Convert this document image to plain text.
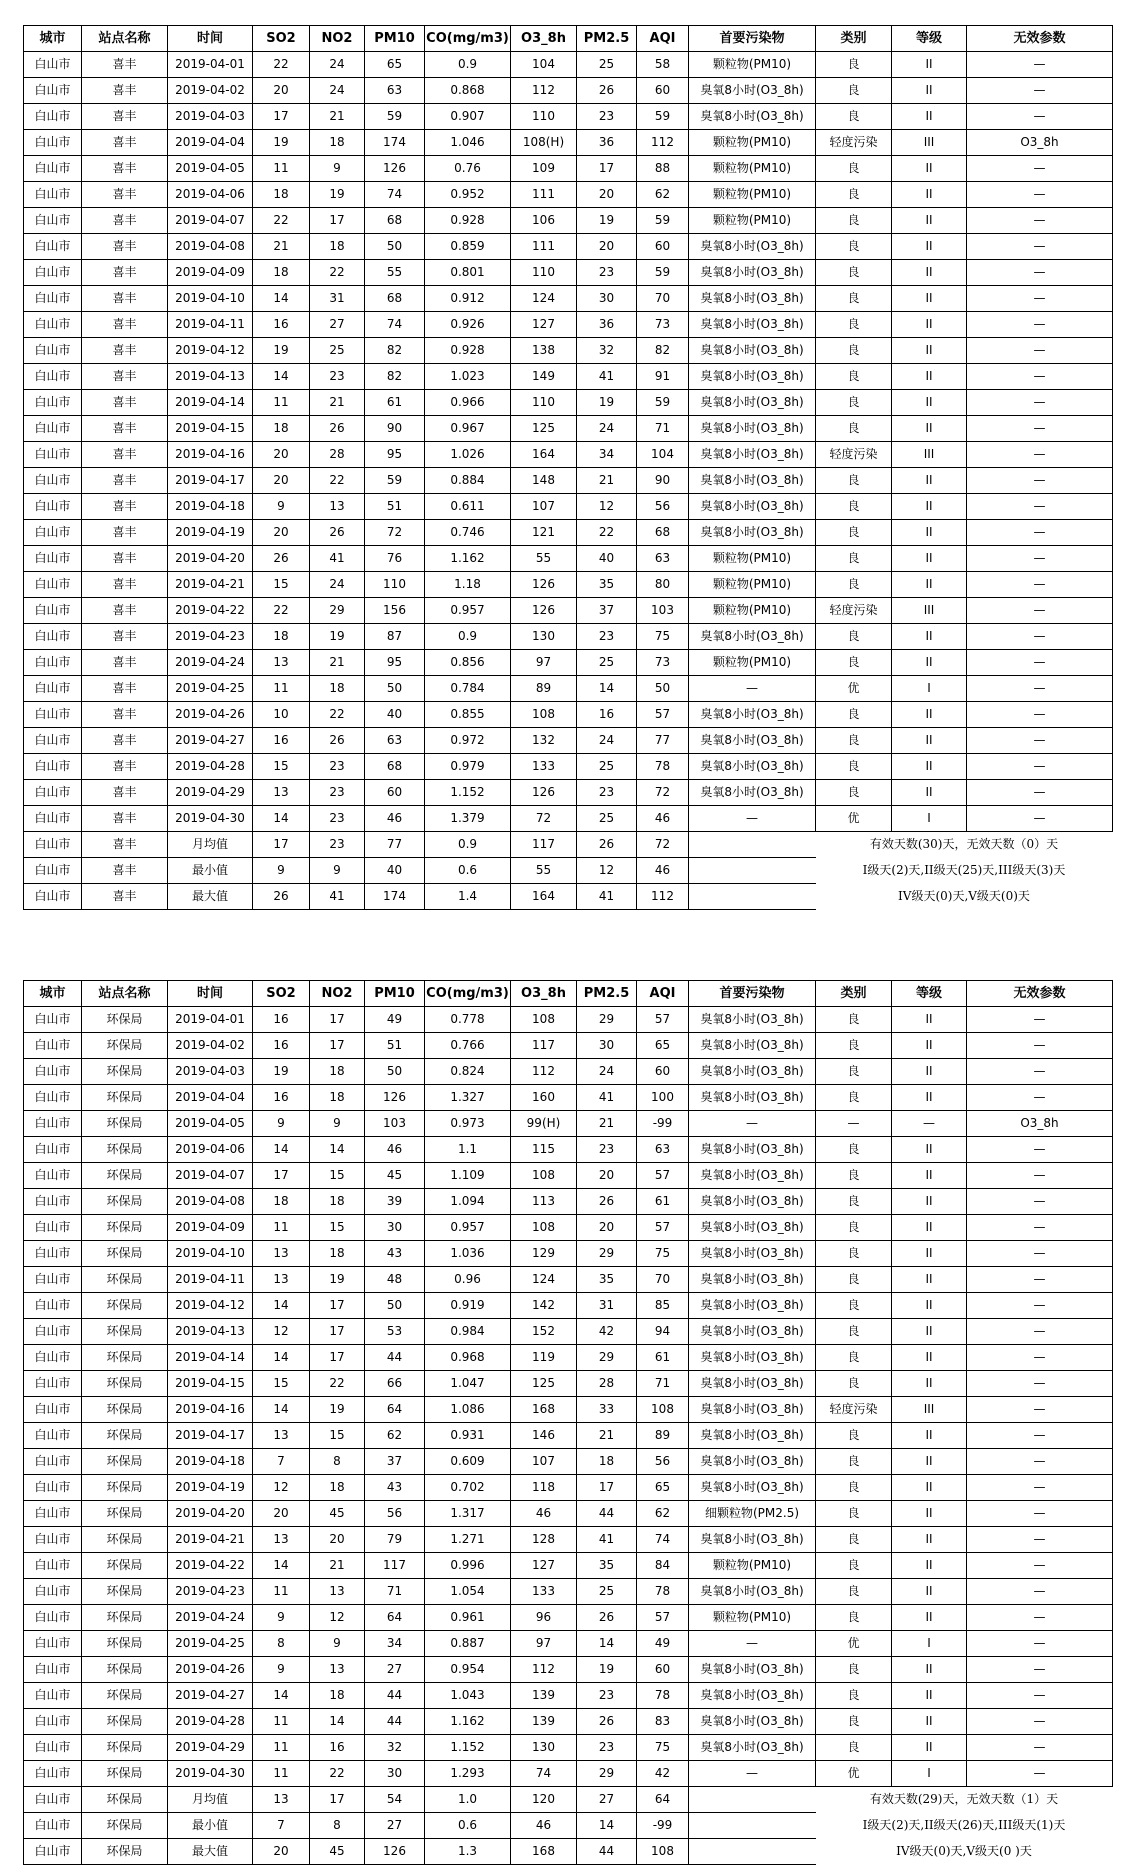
城市	站点名称	时间	SO2	NO2	PM10	CO(mg/m3)	O3_8h	PM2.5	AQI	首要污染物	类别	等级	无效参数
白山市	喜丰	2019-04-01	22	24	65	0.9	104	25	58	颗粒物(PM10)	良	II	—
白山市	喜丰	2019-04-02	20	24	63	0.868	112	26	60	臭氧8小时(O3_8h)	良	II	—
白山市	喜丰	2019-04-03	17	21	59	0.907	110	23	59	臭氧8小时(O3_8h)	良	II	—
白山市	喜丰	2019-04-04	19	18	174	1.046	108(H)	36	112	颗粒物(PM10)	轻度污染	III	O3_8h
白山市	喜丰	2019-04-05	11	9	126	0.76	109	17	88	颗粒物(PM10)	良	II	—
白山市	喜丰	2019-04-06	18	19	74	0.952	111	20	62	颗粒物(PM10)	良	II	—
白山市	喜丰	2019-04-07	22	17	68	0.928	106	19	59	颗粒物(PM10)	良	II	—
白山市	喜丰	2019-04-08	21	18	50	0.859	111	20	60	臭氧8小时(O3_8h)	良	II	—
白山市	喜丰	2019-04-09	18	22	55	0.801	110	23	59	臭氧8小时(O3_8h)	良	II	—
白山市	喜丰	2019-04-10	14	31	68	0.912	124	30	70	臭氧8小时(O3_8h)	良	II	—
白山市	喜丰	2019-04-11	16	27	74	0.926	127	36	73	臭氧8小时(O3_8h)	良	II	—
白山市	喜丰	2019-04-12	19	25	82	0.928	138	32	82	臭氧8小时(O3_8h)	良	II	—
白山市	喜丰	2019-04-13	14	23	82	1.023	149	41	91	臭氧8小时(O3_8h)	良	II	—
白山市	喜丰	2019-04-14	11	21	61	0.966	110	19	59	臭氧8小时(O3_8h)	良	II	—
白山市	喜丰	2019-04-15	18	26	90	0.967	125	24	71	臭氧8小时(O3_8h)	良	II	—
白山市	喜丰	2019-04-16	20	28	95	1.026	164	34	104	臭氧8小时(O3_8h)	轻度污染	III	—
白山市	喜丰	2019-04-17	20	22	59	0.884	148	21	90	臭氧8小时(O3_8h)	良	II	—
白山市	喜丰	2019-04-18	9	13	51	0.611	107	12	56	臭氧8小时(O3_8h)	良	II	—
白山市	喜丰	2019-04-19	20	26	72	0.746	121	22	68	臭氧8小时(O3_8h)	良	II	—
白山市	喜丰	2019-04-20	26	41	76	1.162	55	40	63	颗粒物(PM10)	良	II	—
白山市	喜丰	2019-04-21	15	24	110	1.18	126	35	80	颗粒物(PM10)	良	II	—
白山市	喜丰	2019-04-22	22	29	156	0.957	126	37	103	颗粒物(PM10)	轻度污染	III	—
白山市	喜丰	2019-04-23	18	19	87	0.9	130	23	75	臭氧8小时(O3_8h)	良	II	—
白山市	喜丰	2019-04-24	13	21	95	0.856	97	25	73	颗粒物(PM10)	良	II	—
白山市	喜丰	2019-04-25	11	18	50	0.784	89	14	50	—	优	I	—
白山市	喜丰	2019-04-26	10	22	40	0.855	108	16	57	臭氧8小时(O3_8h)	良	II	—
白山市	喜丰	2019-04-27	16	26	63	0.972	132	24	77	臭氧8小时(O3_8h)	良	II	—
白山市	喜丰	2019-04-28	15	23	68	0.979	133	25	78	臭氧8小时(O3_8h)	良	II	—
白山市	喜丰	2019-04-29	13	23	60	1.152	126	23	72	臭氧8小时(O3_8h)	良	II	—
白山市	喜丰	2019-04-30	14	23	46	1.379	72	25	46	—	优	I	—
白山市	喜丰	月均值	17	23	77	0.9	117	26	72		有效天数(30)天，无效天数（0）天		
白山市	喜丰	最小值	9	9	40	0.6	55	12	46		I级天(2)天,II级天(25)天,III级天(3)天		
白山市	喜丰	最大值	26	41	174	1.4	164	41	112		IV级天(0)天,V级天(0)天		
城市	站点名称	时间	SO2	NO2	PM10	CO(mg/m3)	O3_8h	PM2.5	AQI	首要污染物	类别	等级	无效参数
白山市	环保局	2019-04-01	16	17	49	0.778	108	29	57	臭氧8小时(O3_8h)	良	II	—
白山市	环保局	2019-04-02	16	17	51	0.766	117	30	65	臭氧8小时(O3_8h)	良	II	—
白山市	环保局	2019-04-03	19	18	50	0.824	112	24	60	臭氧8小时(O3_8h)	良	II	—
白山市	环保局	2019-04-04	16	18	126	1.327	160	41	100	臭氧8小时(O3_8h)	良	II	—
白山市	环保局	2019-04-05	9	9	103	0.973	99(H)	21	-99	—	—	—	O3_8h
白山市	环保局	2019-04-06	14	14	46	1.1	115	23	63	臭氧8小时(O3_8h)	良	II	—
白山市	环保局	2019-04-07	17	15	45	1.109	108	20	57	臭氧8小时(O3_8h)	良	II	—
白山市	环保局	2019-04-08	18	18	39	1.094	113	26	61	臭氧8小时(O3_8h)	良	II	—
白山市	环保局	2019-04-09	11	15	30	0.957	108	20	57	臭氧8小时(O3_8h)	良	II	—
白山市	环保局	2019-04-10	13	18	43	1.036	129	29	75	臭氧8小时(O3_8h)	良	II	—
白山市	环保局	2019-04-11	13	19	48	0.96	124	35	70	臭氧8小时(O3_8h)	良	II	—
白山市	环保局	2019-04-12	14	17	50	0.919	142	31	85	臭氧8小时(O3_8h)	良	II	—
白山市	环保局	2019-04-13	12	17	53	0.984	152	42	94	臭氧8小时(O3_8h)	良	II	—
白山市	环保局	2019-04-14	14	17	44	0.968	119	29	61	臭氧8小时(O3_8h)	良	II	—
白山市	环保局	2019-04-15	15	22	66	1.047	125	28	71	臭氧8小时(O3_8h)	良	II	—
白山市	环保局	2019-04-16	14	19	64	1.086	168	33	108	臭氧8小时(O3_8h)	轻度污染	III	—
白山市	环保局	2019-04-17	13	15	62	0.931	146	21	89	臭氧8小时(O3_8h)	良	II	—
白山市	环保局	2019-04-18	7	8	37	0.609	107	18	56	臭氧8小时(O3_8h)	良	II	—
白山市	环保局	2019-04-19	12	18	43	0.702	118	17	65	臭氧8小时(O3_8h)	良	II	—
白山市	环保局	2019-04-20	20	45	56	1.317	46	44	62	细颗粒物(PM2.5)	良	II	—
白山市	环保局	2019-04-21	13	20	79	1.271	128	41	74	臭氧8小时(O3_8h)	良	II	—
白山市	环保局	2019-04-22	14	21	117	0.996	127	35	84	颗粒物(PM10)	良	II	—
白山市	环保局	2019-04-23	11	13	71	1.054	133	25	78	臭氧8小时(O3_8h)	良	II	—
白山市	环保局	2019-04-24	9	12	64	0.961	96	26	57	颗粒物(PM10)	良	II	—
白山市	环保局	2019-04-25	8	9	34	0.887	97	14	49	—	优	I	—
白山市	环保局	2019-04-26	9	13	27	0.954	112	19	60	臭氧8小时(O3_8h)	良	II	—
白山市	环保局	2019-04-27	14	18	44	1.043	139	23	78	臭氧8小时(O3_8h)	良	II	—
白山市	环保局	2019-04-28	11	14	44	1.162	139	26	83	臭氧8小时(O3_8h)	良	II	—
白山市	环保局	2019-04-29	11	16	32	1.152	130	23	75	臭氧8小时(O3_8h)	良	II	—
白山市	环保局	2019-04-30	11	22	30	1.293	74	29	42	—	优	I	—
白山市	环保局	月均值	13	17	54	1.0	120	27	64		有效天数(29)天，无效天数（1）天		
白山市	环保局	最小值	7	8	27	0.6	46	14	-99		I级天(2)天,II级天(26)天,III级天(1)天		
白山市	环保局	最大值	20	45	126	1.3	168	44	108		IV级天(0)天,V级天(0 )天		
